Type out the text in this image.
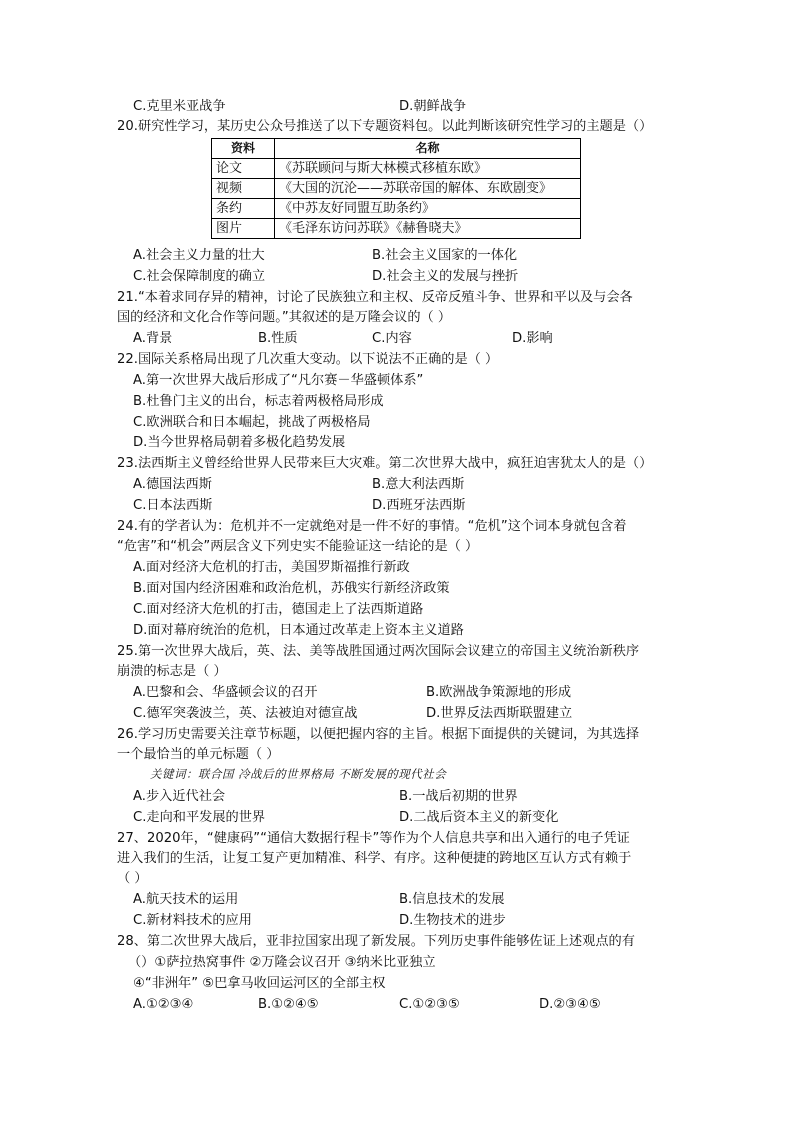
C.克里米亚战争	D.朝鲜战争
20.研究性学习，某历史公众号推送了以下专题资料包。以此判断该研究性学习的主题是（）
资料	名称
论文	《苏联顾问与斯大林模式移植东欧》
视频	《大国的沉沦——苏联帝国的解体、东欧剧变》
条约	《中苏友好同盟互助条约》
图片	《毛泽东访问苏联》《赫鲁晓夫》
A.社会主义力量的壮大	B.社会主义国家的一体化
C.社会保障制度的确立	D.社会主义的发展与挫折
21.“本着求同存异的精神，讨论了民族独立和主权、反帝反殖斗争、世界和平以及与会各
国的经济和文化合作等问题。”其叙述的是万隆会议的（ ）
A.背景	B.性质	C.内容	D.影响
22.国际关系格局出现了几次重大变动。以下说法不正确的是（ ）
A.第一次世界大战后形成了“凡尔赛－华盛顿体系”
B.杜鲁门主义的出台，标志着两极格局形成
C.欧洲联合和日本崛起，挑战了两极格局
D.当今世界格局朝着多极化趋势发展
23.法西斯主义曾经给世界人民带来巨大灾难。第二次世界大战中，疯狂迫害犹太人的是（）
A.德国法西斯	B.意大利法西斯
C.日本法西斯	D.西班牙法西斯
24.有的学者认为：危机并不一定就绝对是一件不好的事情。“危机”这个词本身就包含着
“危害”和“机会”两层含义下列史实不能验证这一结论的是（ ）
A.面对经济大危机的打击，美国罗斯福推行新政
B.面对国内经济困难和政治危机，苏俄实行新经济政策
C.面对经济大危机的打击，德国走上了法西斯道路
D.面对幕府统治的危机，日本通过改革走上资本主义道路
25.第一次世界大战后，英、法、美等战胜国通过两次国际会议建立的帝国主义统治新秩序
崩溃的标志是（ ）
A.巴黎和会、华盛顿会议的召开	B.欧洲战争策源地的形成
C.德军突袭波兰，英、法被迫对德宣战	D.世界反法西斯联盟建立
26.学习历史需要关注章节标题，以便把握内容的主旨。根据下面提供的关键词，为其选择
一个最恰当的单元标题（ ）
关键词：联合国 冷战后的世界格局 不断发展的现代社会
A.步入近代社会	B.一战后初期的世界
C.走向和平发展的世界	D.二战后资本主义的新变化
27、2020年，“健康码”“通信大数据行程卡”等作为个人信息共享和出入通行的电子凭证
进入我们的生活，让复工复产更加精准、科学、有序。这种便捷的跨地区互认方式有赖于
（ ）
A.航天技术的运用	B.信息技术的发展
C.新材料技术的应用	D.生物技术的进步
28、第二次世界大战后，亚非拉国家出现了新发展。下列历史事件能够佐证上述观点的有
（）①萨拉热窝事件 ②万隆会议召开 ③纳米比亚独立
④“非洲年” ⑤巴拿马收回运河区的全部主权
A.①②③④	B.①②④⑤	C.①②③⑤	D.②③④⑤
